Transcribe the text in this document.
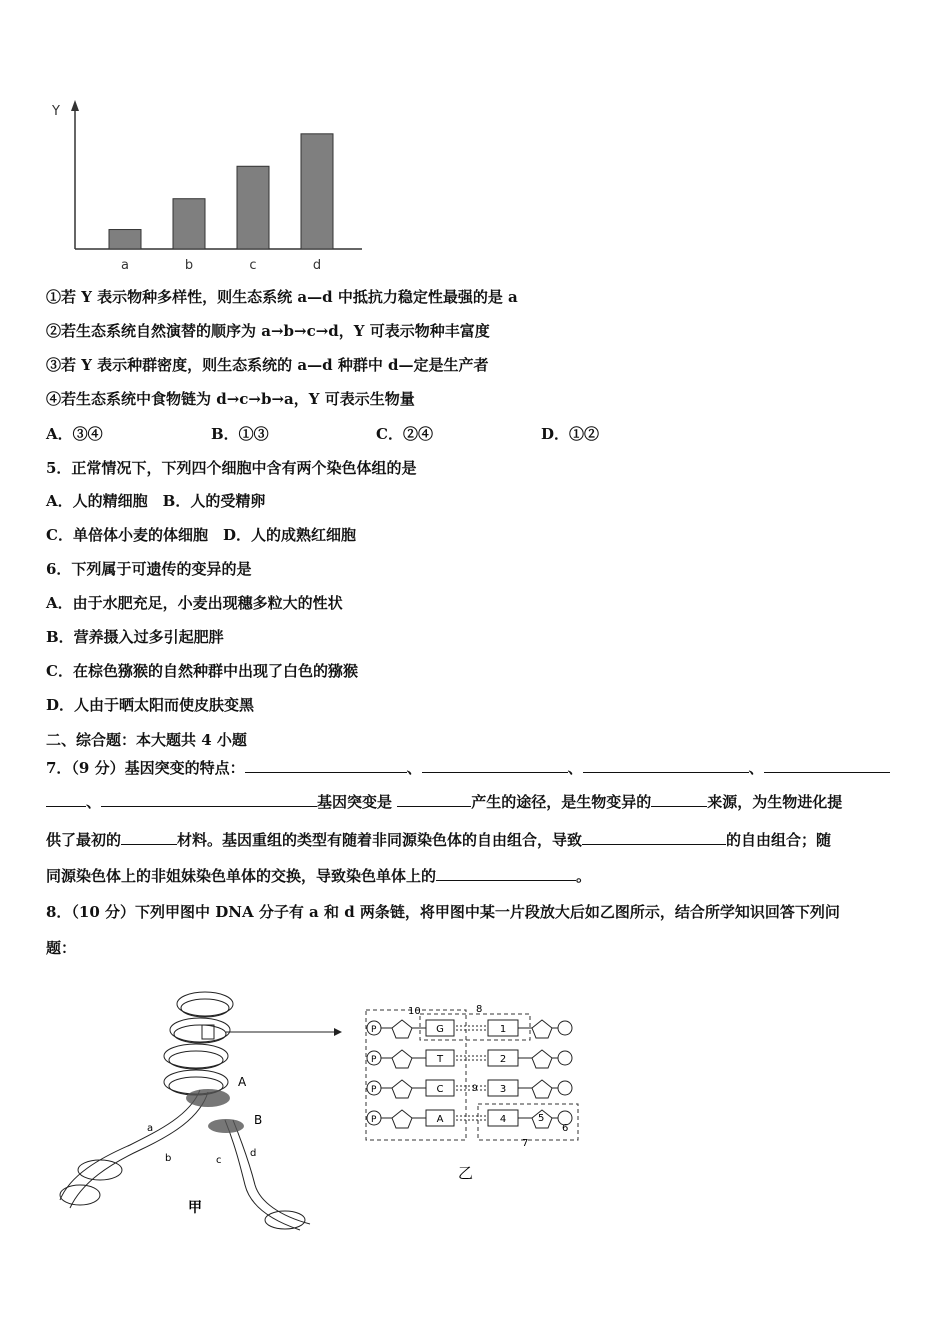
Y
a	b	c	d
①若 Y 表示物种多样性，则生态系统 a—d 中抵抗力稳定性最强的是 a
②若生态系统自然演替的顺序为 a→b→c→d，Y 可表示物种丰富度
③若 Y 表示种群密度，则生态系统的 a—d 种群中 d—定是生产者
④若生态系统中食物链为 d→c→b→a，Y 可表示生物量
A．③④	B．①③	C．②④	D．①②
5．正常情况下，下列四个细胞中含有两个染色体组的是
A．人的精细胞　B．人的受精卵
C．单倍体小麦的体细胞　D．人的成熟红细胞
6．下列属于可遗传的变异的是
A．由于水肥充足，小麦出现穗多粒大的性状
B．营养摄入过多引起肥胖
C．在棕色猕猴的自然种群中出现了白色的猕猴
D．人由于晒太阳而使皮肤变黑
二、综合题：本大题共 4 小题
7．（9 分）基因突变的特点：	、	、	、
、	基因突变是	产生的途径，是生物变异的	来源，为生物进化提
供了最初的	材料。基因重组的类型有随着非同源染色体的自由组合，导致	的自由组合；随
同源染色体上的非姐妹染色单体的交换，导致染色单体上的	。
8．（10 分）下列甲图中 DNA 分子有 a 和 d 两条链，将甲图中某一片段放大后如乙图所示，结合所学知识回答下列问
题：
A
B
a
b	c
d
甲
10	8
7
P	G	1
P	T	2
P	C	3
P	A	4
9
5
6
乙
